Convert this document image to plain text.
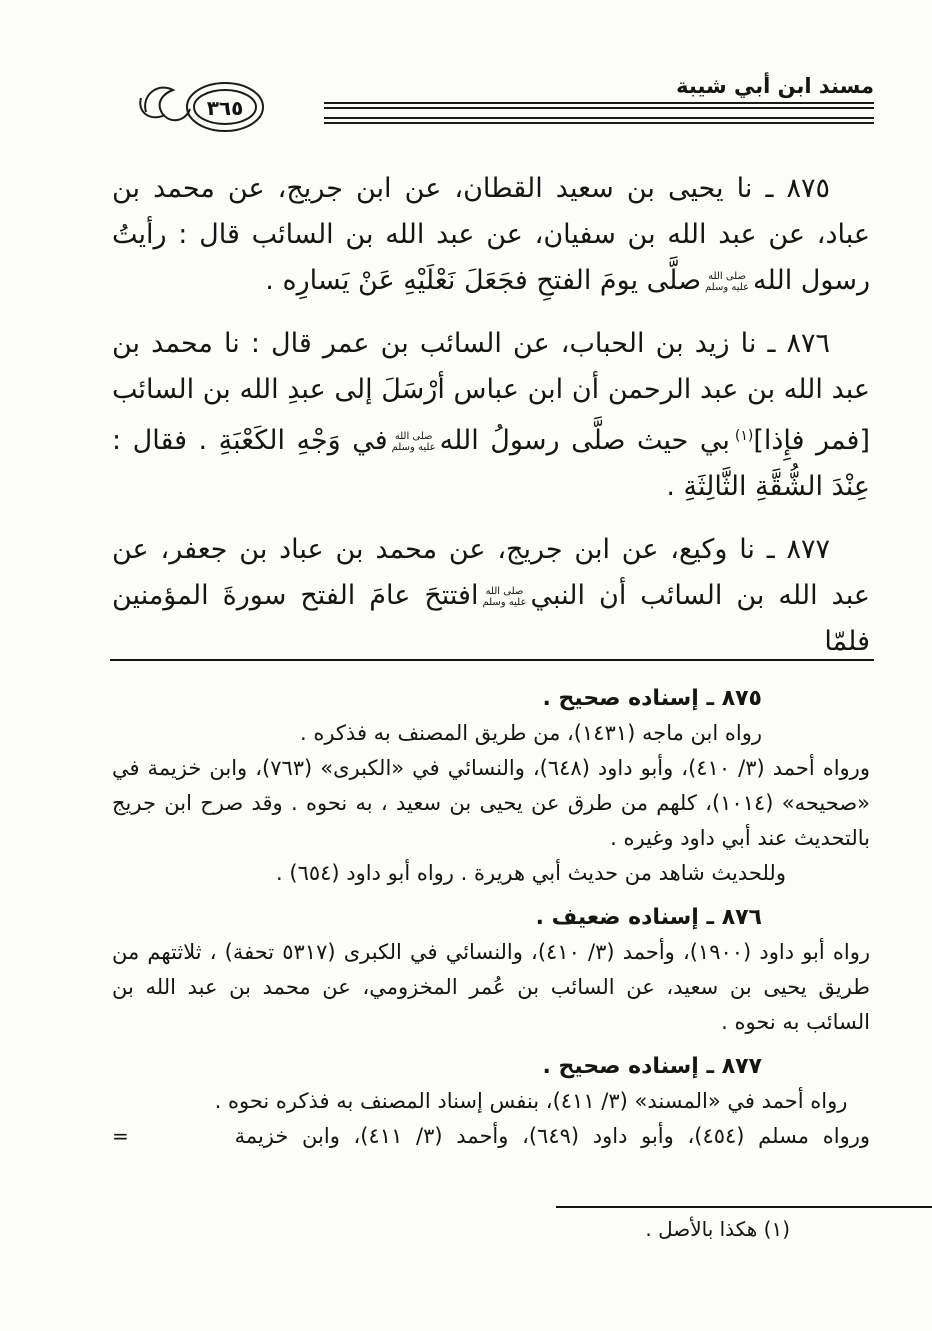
مسند ابن أبي شيبة
٣٦٥

٨٧٥ ـ نا يحيى بن سعيد القطان، عن ابن جريج، عن محمد بن عباد، عن عبد الله بن سفيان، عن عبد الله بن السائب قال : رأيتُ رسول اللهصلى الله عليه وسلمصلَّى يومَ الفتحِ فجَعَلَ نَعْلَيْهِ عَنْ يَسارِه .

٨٧٦ ـ نا زيد بن الحباب، عن السائب بن عمر قال : نا محمد بن عبد الله بن عبد الرحمن أن ابن عباس أرْسَلَ إلى عبدِ الله بن السائب [فمر فإِذا]$^{(١)}$بي حيث صلَّى رسولُ اللهصلى الله عليه وسلمفي وَجْهِ الكَعْبَةِ . فقال : عِنْدَ الشُّقَّةِ الثَّالِثَةِ .

٨٧٧ ـ نا وكيع، عن ابن جريج، عن محمد بن عباد بن جعفر، عن عبد الله بن السائب أن النبيصلى الله عليه وسلمافتتحَ عامَ الفتح سورةَ المؤمنين فلمّا

٨٧٥ ـ إسناده صحيح .
رواه ابن ماجه (١٤٣١)، من طريق المصنف به فذكره .
ورواه أحمد (٣/ ٤١٠)، وأبو داود (٦٤٨)، والنسائي في «الكبرى» (٧٦٣)، وابن خزيمة في «صحيحه» (١٠١٤)، كلهم من طرق عن يحيى بن سعيد ، به نحوه . وقد صرح ابن جريج بالتحديث عند أبي داود وغيره .
وللحديث شاهد من حديث أبي هريرة . رواه أبو داود (٦٥٤) .
٨٧٦ ـ إسناده ضعيف .
رواه أبو داود (١٩٠٠)، وأحمد (٣/ ٤١٠)، والنسائي في الكبرى (٥٣١٧ تحفة) ، ثلاثتهم من طريق يحيى بن سعيد، عن السائب بن عُمر المخزومي، عن محمد بن عبد الله بن السائب به نحوه .
٨٧٧ ـ إسناده صحيح .
رواه أحمد في «المسند» (٣/ ٤١١)، بنفس إسناد المصنف به فذكره نحوه .
ورواه مسلم (٤٥٤)، وأبو داود (٦٤٩)، وأحمد (٣/ ٤١١)، وابن خزيمة
=
(١) هكذا بالأصل .
